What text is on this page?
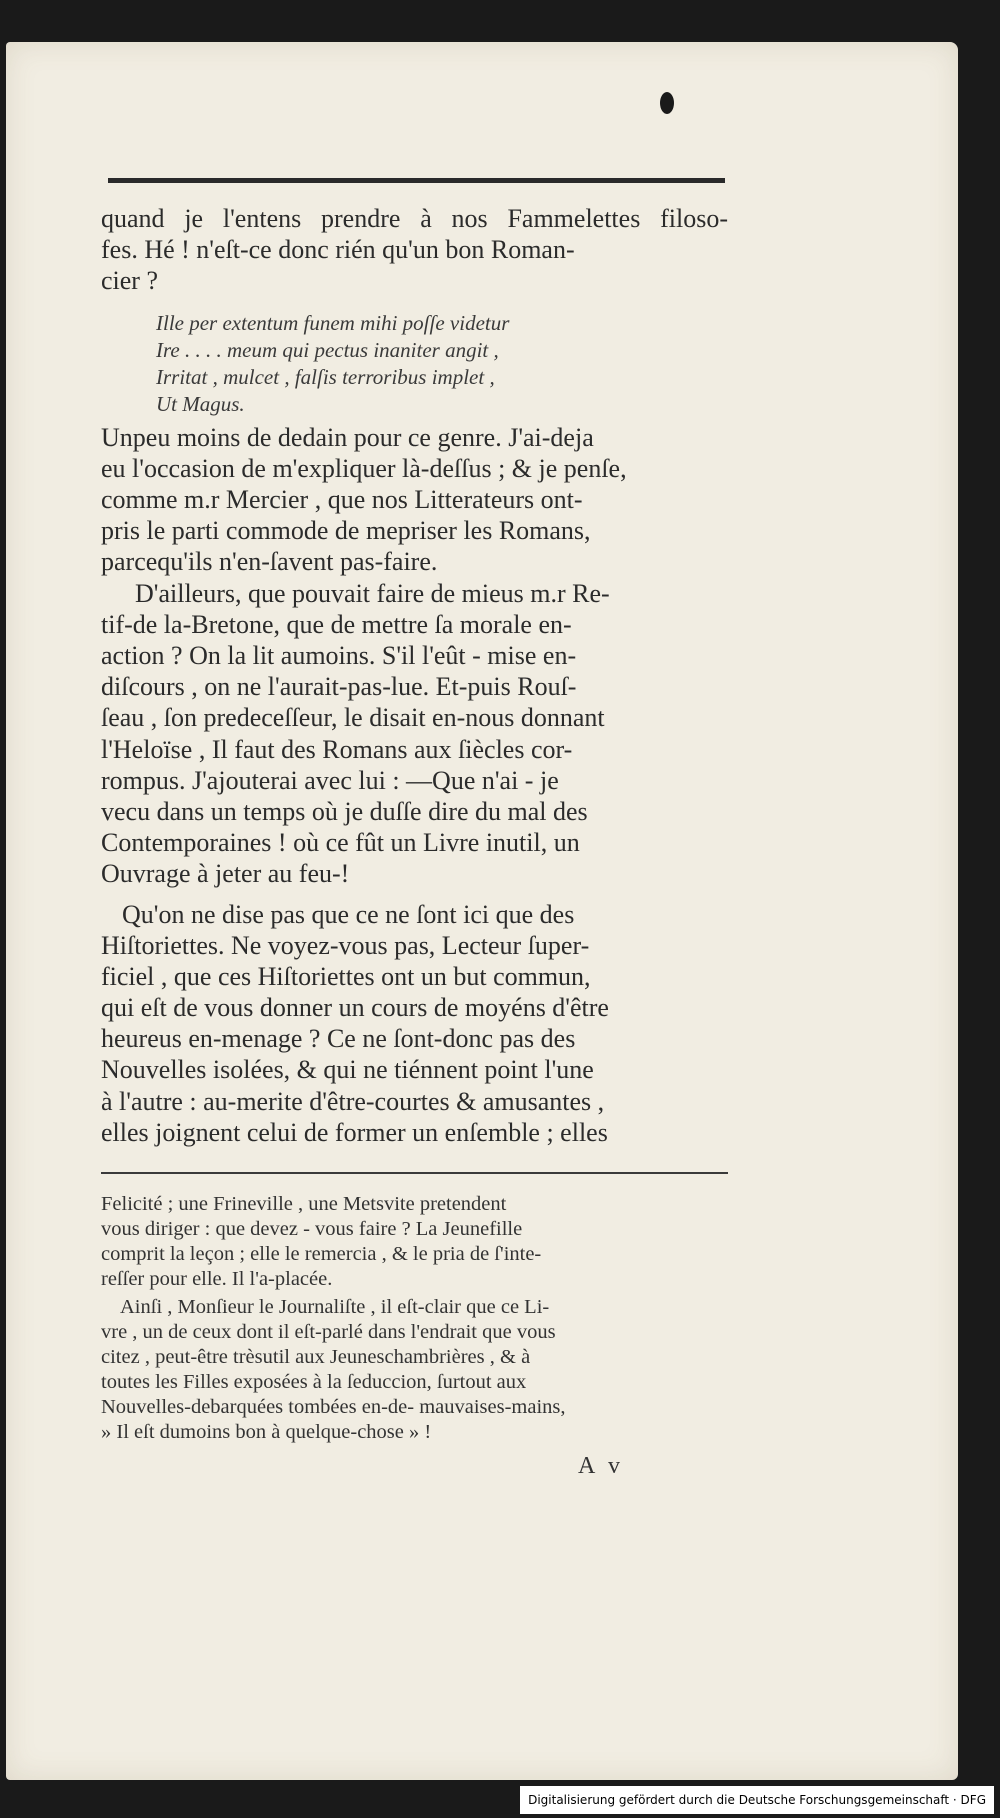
quand je l'entens prendre à nos Fammelettes filoso-
fes. Hé ! n'eſt-ce donc rién qu'un bon Roman-
cier ?
Ille per extentum funem mihi poſſe videtur
Ire . . . . meum qui pectus inaniter angit ,
Irritat , mulcet , falſis terroribus implet ,
Ut Magus.
Unpeu moins de dedain pour ce genre. J'ai-deja
eu l'occasion de m'expliquer là-deſſus ; & je penſe,
comme m.r Mercier , que nos Litterateurs ont-
pris le parti commode de mepriser les Romans,
parcequ'ils n'en-ſavent pas-faire.
D'ailleurs, que pouvait faire de mieus m.r Re-
tif-de la-Bretone, que de mettre ſa morale en-
action ? On la lit aumoins. S'il l'eût - mise en-
diſcours , on ne l'aurait-pas-lue. Et-puis Rouſ-
ſeau , ſon predeceſſeur, le disait en-nous donnant
l'Heloïse , Il faut des Romans aux ſiècles cor-
rompus. J'ajouterai avec lui : —Que n'ai - je
vecu dans un temps où je duſſe dire du mal des
Contemporaines ! où ce fût un Livre inutil, un
Ouvrage à jeter au feu-!
Qu'on ne dise pas que ce ne ſont ici que des
Hiſtoriettes. Ne voyez-vous pas, Lecteur ſuper-
ficiel , que ces Hiſtoriettes ont un but commun,
qui eſt de vous donner un cours de moyéns d'être
heureus en-menage ? Ce ne ſont-donc pas des
Nouvelles isolées, & qui ne tiénnent point l'une
à l'autre : au-merite d'être-courtes & amusantes ,
elles joignent celui de former un enſemble ; elles
Felicité ; une Frineville , une Metsvite pretendent
vous diriger : que devez - vous faire ? La Jeunefille
comprit la leçon ; elle le remercia , & le pria de ſ'inte-
reſſer pour elle. Il l'a-placée.
Ainſi , Monſieur le Journaliſte , il eſt-clair que ce Li-
vre , un de ceux dont il eſt-parlé dans l'endrait que vous
citez , peut-être trèsutil aux Jeuneschambrières , & à
toutes les Filles exposées à la ſeduccion, ſurtout aux
Nouvelles-debarquées tombées en-de- mauvaises-mains,
» Il eſt dumoins bon à quelque-chose » !
A v
Digitalisierung gefördert durch die Deutsche Forschungsgemeinschaft · DFG
